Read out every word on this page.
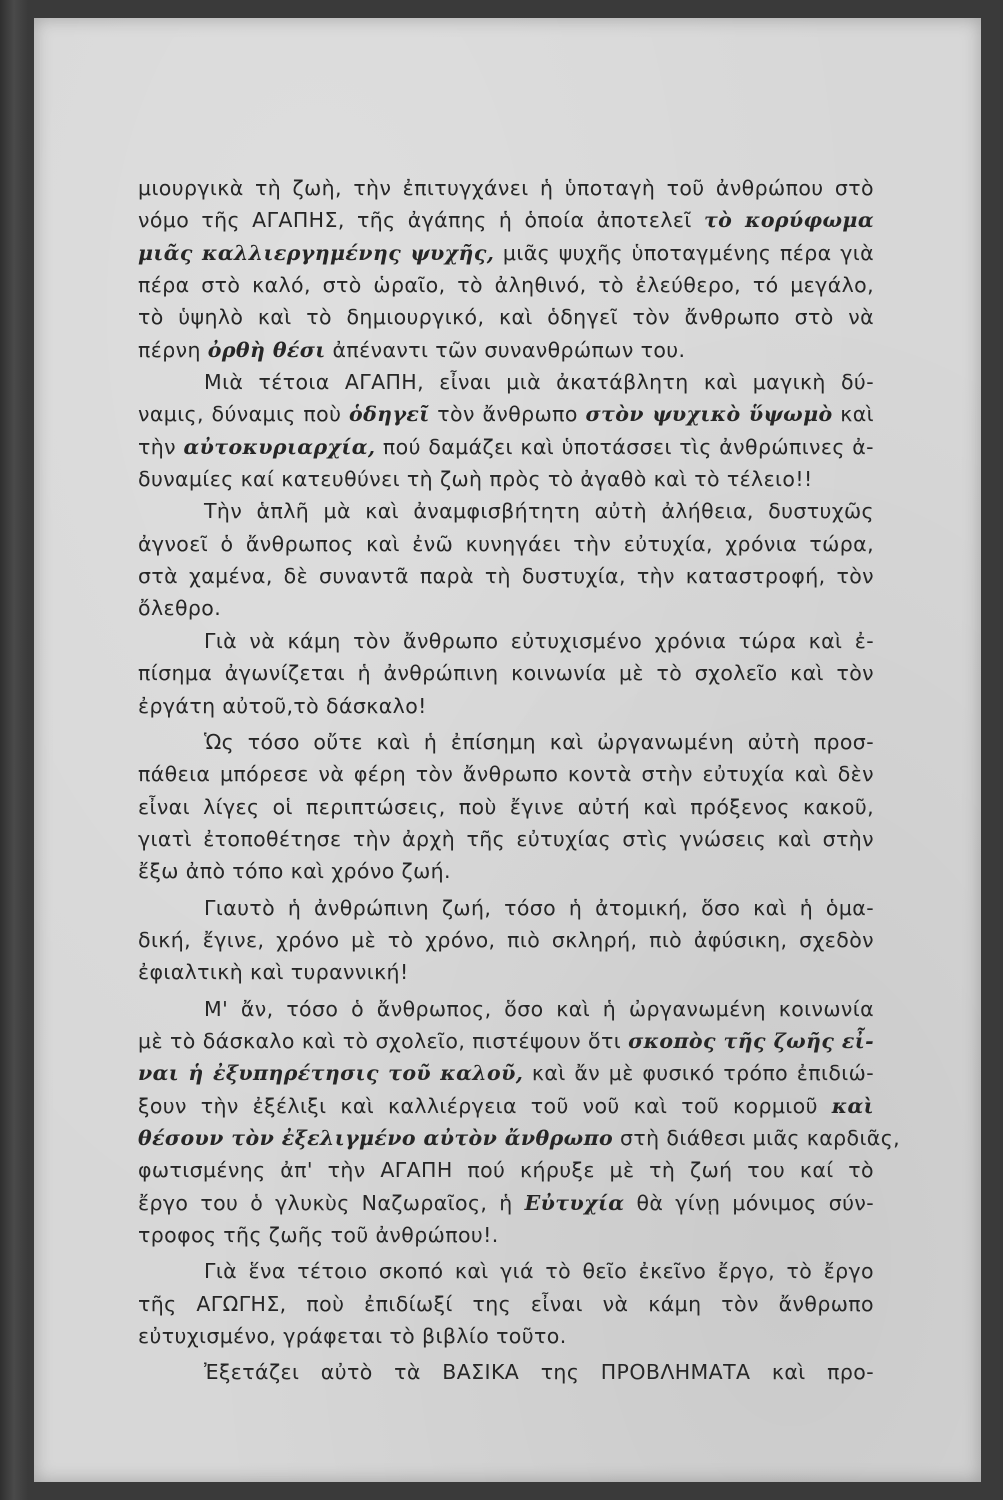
μιουργικὰ τὴ ζωὴ, τὴν ἐπιτυγχάνει ἡ ὑποταγὴ τοῦ ἀνθρώπου στὸ
νόμο τῆς ΑΓΑΠΗΣ, τῆς ἀγάπης ἡ ὁποία ἀποτελεῖ τὸ κορύφωμα
μιᾶς καλλιεργημένης ψυχῆς, μιᾶς ψυχῆς ὑποταγμένης πέρα γιὰ
πέρα στὸ καλό, στὸ ὡραῖο, τὸ ἀληθινό, τὸ ἐλεύθερο, τό μεγάλο,
τὸ ὑψηλὸ καὶ τὸ δημιουργικό, καὶ ὁδηγεῖ τὸν ἄνθρωπο στὸ νὰ
πέρνη ὀρθὴ θέσι ἀπέναντι τῶν συνανθρώπων του.
Μιὰ τέτοια ΑΓΑΠΗ, εἶναι μιὰ ἀκατάβλητη καὶ μαγικὴ δύ-
ναμις, δύναμις ποὺ ὁδηγεῖ τὸν ἄνθρωπο στὸν ψυχικὸ ὕψωμὸ καὶ
τὴν αὐτοκυριαρχία, πού δαμάζει καὶ ὑποτάσσει τὶς ἀνθρώπινες ἀ-
δυναμίες καί κατευθύνει τὴ ζωὴ πρὸς τὸ ἀγαθὸ καὶ τὸ τέλειο!!
Τὴν ἁπλῆ μὰ καὶ ἀναμφισβήτητη αὐτὴ ἀλήθεια, δυστυχῶς
ἀγνοεῖ ὁ ἄνθρωπος καὶ ἐνῶ κυνηγάει τὴν εὐτυχία, χρόνια τώρα,
στὰ χαμένα, δὲ συναντᾶ παρὰ τὴ δυστυχία, τὴν καταστροφή, τὸν
ὄλεθρο.
Γιὰ νὰ κάμη τὸν ἄνθρωπο εὐτυχισμένο χρόνια τώρα καὶ ἐ-
πίσημα ἀγωνίζεται ἡ ἀνθρώπινη κοινωνία μὲ τὸ σχολεῖο καὶ τὸν
ἐργάτη αὐτοῦ,τὸ δάσκαλο!
Ὡς τόσο οὔτε καὶ ἡ ἐπίσημη καὶ ὠργανωμένη αὐτὴ προσ-
πάθεια μπόρεσε νὰ φέρη τὸν ἄνθρωπο κοντὰ στὴν εὐτυχία καὶ δὲν
εἶναι λίγες οἱ περιπτώσεις, ποὺ ἔγινε αὐτή καὶ πρόξενος κακοῦ,
γιατὶ ἐτοποθέτησε τὴν ἀρχὴ τῆς εὐτυχίας στὶς γνώσεις καὶ στὴν
ἔξω ἀπὸ τόπο καὶ χρόνο ζωή.
Γιαυτὸ ἡ ἀνθρώπινη ζωή, τόσο ἡ ἀτομική, ὅσο καὶ ἡ ὁμα-
δική, ἔγινε, χρόνο μὲ τὸ χρόνο, πιὸ σκληρή, πιὸ ἀφύσικη, σχεδὸν
ἐφιαλτικὴ καὶ τυραννική!
Μ' ἄν, τόσο ὁ ἄνθρωπος, ὅσο καὶ ἡ ὠργανωμένη κοινωνία
μὲ τὸ δάσκαλο καὶ τὸ σχολεῖο, πιστέψουν ὅτι σκοπὸς τῆς ζωῆς εἶ-
ναι ἡ ἐξυπηρέτησις τοῦ καλοῦ, καὶ ἄν μὲ φυσικό τρόπο ἐπιδιώ-
ξουν τὴν ἐξέλιξι καὶ καλλιέργεια τοῦ νοῦ καὶ τοῦ κορμιοῦ καὶ
θέσουν τὸν ἐξελιγμένο αὐτὸν ἄνθρωπο στὴ διάθεσι μιᾶς καρδιᾶς,
φωτισμένης ἀπ' τὴν ΑΓΑΠΗ πού κήρυξε μὲ τὴ ζωή του καί τὸ
ἔργο του ὁ γλυκὺς Ναζωραῖος, ἡ Εὐτυχία θὰ γίνῃ μόνιμος σύν-
τροφος τῆς ζωῆς τοῦ ἀνθρώπου!.
Γιὰ ἕνα τέτοιο σκοπό καὶ γιά τὸ θεῖο ἐκεῖνο ἔργο, τὸ ἔργο
τῆς ΑΓΩΓΗΣ, ποὺ ἐπιδίωξί της εἶναι νὰ κάμη τὸν ἄνθρωπο
εὐτυχισμένο, γράφεται τὸ βιβλίο τοῦτο.
Ἐξετάζει αὐτὸ τὰ ΒΑΣΙΚΑ της ΠΡΟΒΛΗΜΑΤΑ καὶ προ-
